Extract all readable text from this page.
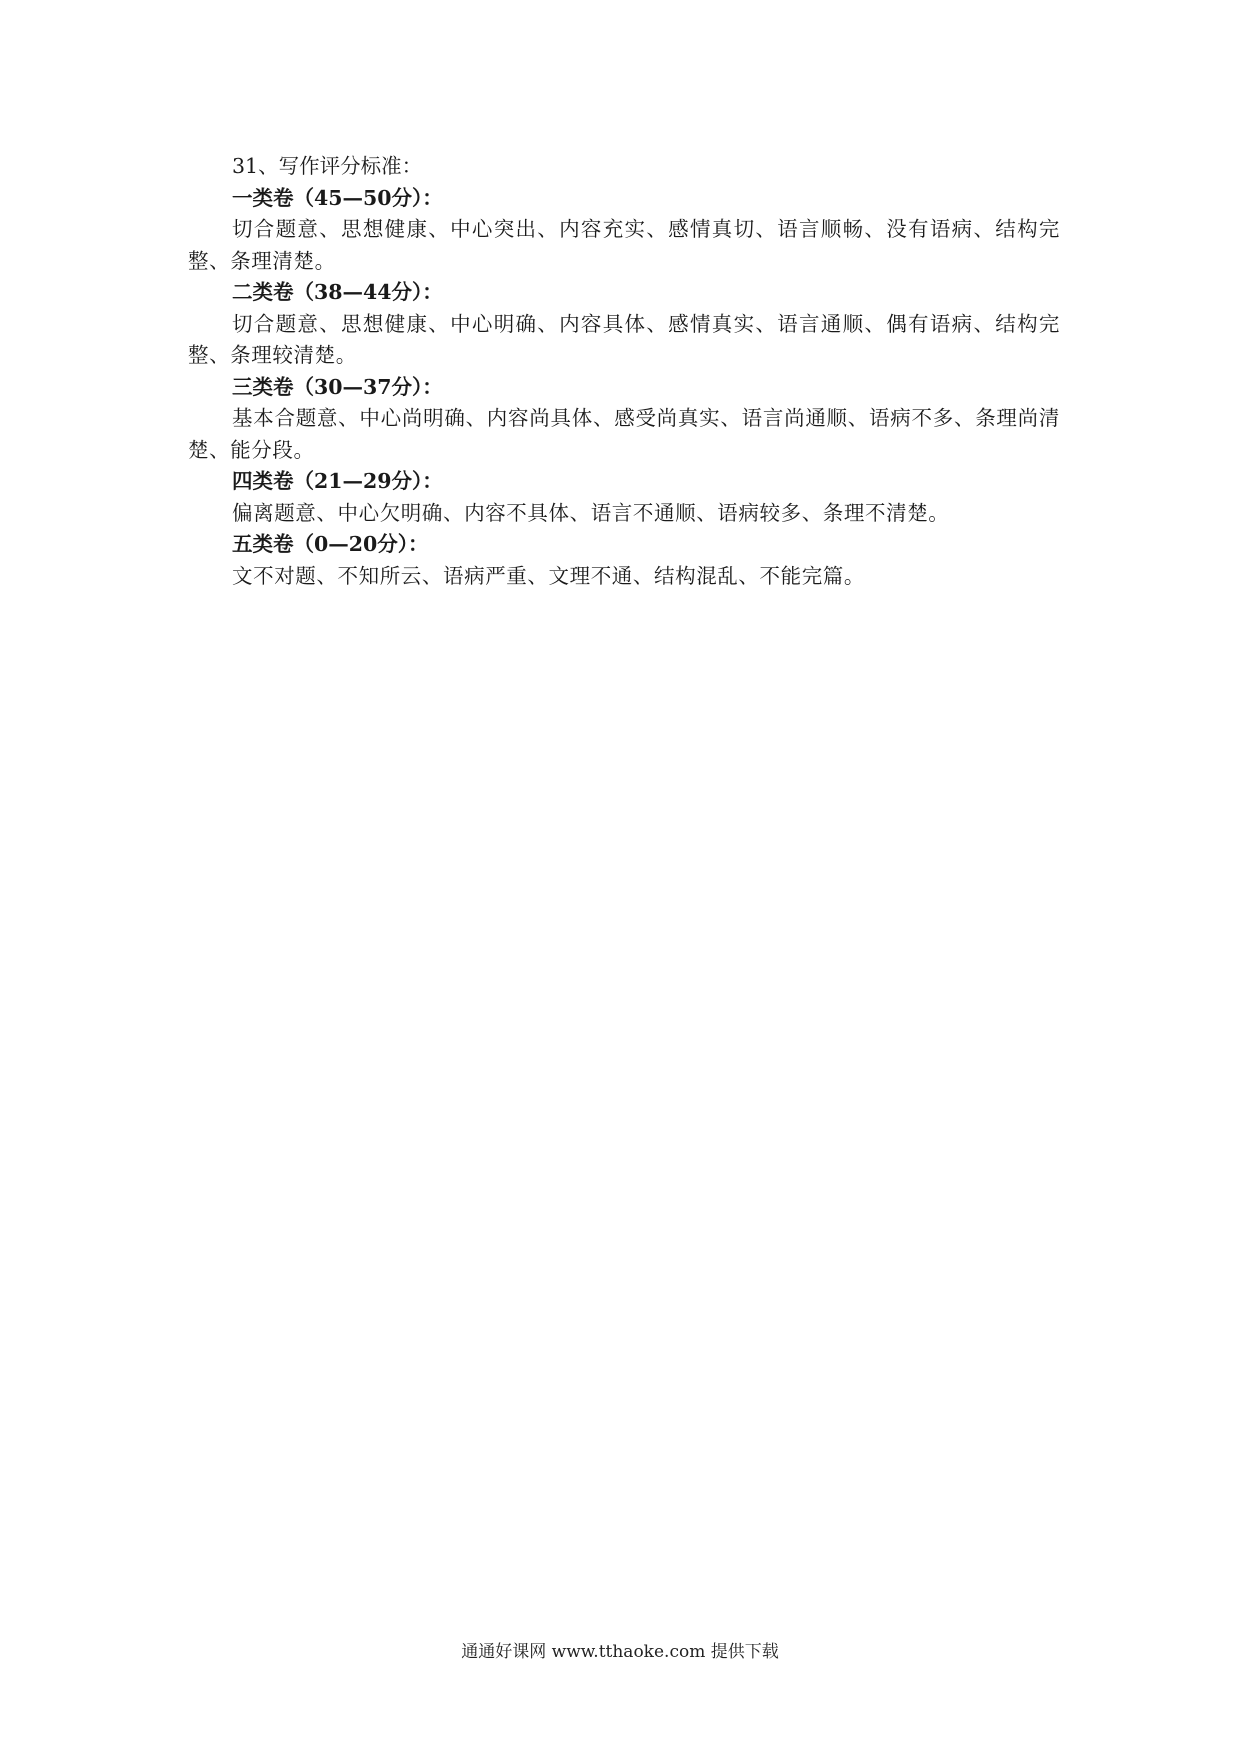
31、写作评分标准：
一类卷（45—50分）：
切合题意、思想健康、中心突出、内容充实、感情真切、语言顺畅、没有语病、结构完整、条理清楚。
二类卷（38—44分）：
切合题意、思想健康、中心明确、内容具体、感情真实、语言通顺、偶有语病、结构完整、条理较清楚。
三类卷（30—37分）：
基本合题意、中心尚明确、内容尚具体、感受尚真实、语言尚通顺、语病不多、条理尚清楚、能分段。
四类卷（21—29分）：
偏离题意、中心欠明确、内容不具体、语言不通顺、语病较多、条理不清楚。
五类卷（0—20分）：
文不对题、不知所云、语病严重、文理不通、结构混乱、不能完篇。
通通好课网 www.tthaoke.com 提供下载
